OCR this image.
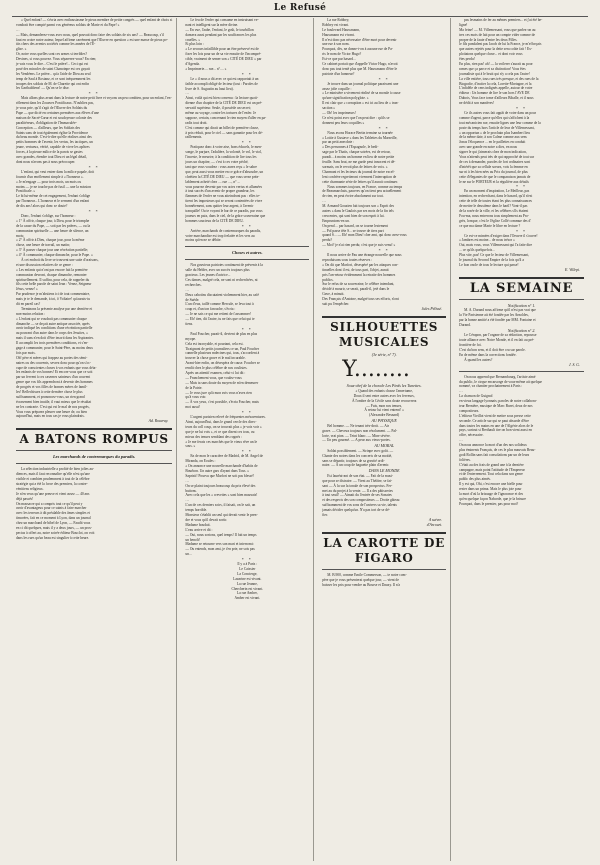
Le Refusé
« Quel enfant! — s'écria avec enthousiasme le pieux membre de petite congrès — quel enfant de choix si
vondrait être compté parmi vos généreux soldats de Marie et du Pape! »
…
— Mais, demanderez-vous avec nous, quel pouvait donc faire des soldats de six ans? — Beaucoup, s'il
faut en croire notre auteur, lequel affirme carrément que l'Œuvre en question « est une masse de pieux pe-
tits chers des avenirs sociétés comme les années de l'É-
glise. »
Or, notre vous quelles sont ces armes si terribles?
Devines, si vous pouvez. Vous séparerez-vous? En rien;
je vais vous le dire... C'est le prière!... Ceci qui est
posé des miracles de saint Chanoinpe est ces gayatt
les Vendéens. Le prière... qu'a l'aide de Dieu au seul
temp de Saul à Rostanz, et ce sont inéquemment les
troupes des soldats de M. de Charette qui ont enfin
les Garibaldiens! — Qu'on se le dise.
* *
Mais allons plus avant dans la lecture de notre petit livre et voyons un peu combien, pour un enfant, l'en-
rôlement dans les Zouaves Pontificaux. N'oubliez pas,
je vous prie, qu'il s'agit de l'Œuvre des Soldats du
Pape — que dicté en certaines premières aux élèves d'une
maison de Sacré-Cœur et est soudoyeuse colonie des
paralitéreurs, d'obligation de l'Immaculée-
Conception — d'ailleurs, que les Soldats des
Saints sans de tout également église la Providence
du beau monde. C'est-à-dire qu'elle réalises ainsi des
petits hommes de l'avenir, les vertus, les tactiques, un
jeune, vertueux, vérité, capable de vivre les apôtres
forces, à la pieuse milice de la parois se gastes
avec grandes, étendre tout Dieu et un légal détail,
dont nous n'avons pas à nous préoccuper.
* *
L'enfant, qui veut entrer dans la milice papale, doit
fournir d'un enrôlement simple à « l'honneur ».
« Je m'engage — pour trois mois, un mois ou
moins — je ne touche pas de fusil — une la mission
Pontificale. »
Le bi lui-même de cet engagement, l'enfant s'oblige
par l'honneur... L'honneur et le serment d'un enfant
de dix ans! alors qui donc se doute?
* *
Donc, l'enfant s'oblige, sur l'honneur :
« 1° À offrir, chaque jour, à Dieu, pour le triomphe
de la cause du Pape, — soit par les prières, — ou la
communion spirituelle — une heure de silence, un
mois;
« 2° À offrir à Dieu, chaque jour, pour la même
chose, une heure de travail, un matin;
« 3° À passer chaque jour une récréation partielle;
« 4° À communier, chaque dimanche, pour le Pape. »
À cet endroit du livre se trouvent une suite d'oraisons,
et une discussion relatives de ce genre :
« Les enfants qui n'ont pas encore fait la première
communion devront, chaque dimanche, remonter
spirituellement. Il suffira, pour cela, de rappeler du
fils cette belle parole de saint Jean : Venez, Seigneur
Jésus, venez! »
Par prudence je m'abstiens ici de tout commentaire,
mais je te le demande, à toi, ô Voltaire! qu'aurais-tu
dit en pareil cas?
Terminons la présente analyse par une dernière et
non-moins relation :
« L'enfant qui se voudrait pas communier chaque
dimanche — se deçait autre antique associée, après
avoir indiqué les conditions d'une récréation partielle
au pouvant d'un autre dans le corps des Jesuites, »
mais il sans n'en doit d'être inscrit dans les Aspirantes.
Il accomplit les trois premières conditions, et s'en-
gage à communier, pour le Saint-Père, au moins deux
fois par mois.
Oh! père et mères qui frappez au portes des sémi-
naires ou des couvents, sevrez donc pour qu'on s'oc-
cupe de conscientes choses à vos enfants que vous déta-
lez enfants de vos bonnes! Et encore vous que ce soit
par un fervent à ces casernes sainteurs d'un couvent
genre que vos fils apprendront à devenir des hommes
de progrès et vos filles de bonnes mères de famil-
les! Reflechissez à cette dernière chose le plus
suffisamment, et prononcez-vous, un rien grand
écrasement bien inutile, il vaut mieux que le résultat
ne les contrarie. C'est qui est le mal de nos progrès,
Vous vous préparez pleurer une heure de, ou bien
aujourd'hui, mais en tous cas je vous plaindrais.
Ad. Rouvray.
A BATONS ROMPUS
Les marchands de contremarques du paradis.
La sélection industrielle a profité de bien jolies au-
diences, mais il faut reconnaître qu'elle n'est qu'une
visible et combien prudemment à tout de la célèbre
stratégie qui a été la force des premiers, la contre-
vénitiens religieux.
Je n'en veux qu'une preuve et vient assez — 40 ans
déjà passés!
On massacre qui a compris tout ce qu'il peut y
avoir d'avantageux pour ce saints à faire marcher
avec les terreurs à dit préalable des âmes simples et
timorées, fait en ce moment à Lyon, dans un journal
chez un marchand de bibel de Lyon, — Faudit vous
en ci dit quelques, mais il y a deux jours, — un pros-
pectus à offert au, notre soirée éditeur Bouclot, on voit
dans les rues qu'un beau est singulier à cette heure.
Le feu de l'enfer qui consume en instruisant ve-
nant et intelligent sur la mère divine.
— En vue, l'aube, l'enfant, le goût, le tourbillon
dansera aussi pendant par les souffrances les plus
cruelles. »
Et plus loin :
« Le secours infaillible pour un être préservé est de
fixer les lois pour un de sa vie ensuite de l'incompré-
cible, vraiment de semer son « CITÉ DE DIEU » par
d'Agenda.
« Imprimerie.... rue... n°.... »
* *
Le « il nous a dit avec ce qui est rapportait à un
faible accompli obligé de lecteur (tout : Paroles de
livre de S. Augustin au haut lieu).
…
Ainsi, voilà qui est bien convenu : la lecture quoti-
dienne d'un chapitre de la CITÉ DE DIEU est un pré-
servatif supérieur. Seule, il possède un secret;
même au voyage, contre les tortures de l'enfer. Je
suppose, certain, concernant le rien moyen d'aller en pa-
radis tout droit.
C'est comme qui dirait un billet de première classe,
à prix réduit, pour le ciel — sans garantie pour les dé-
raillements.
* *
Pratiquez donc à votre aise, bons éducels, le men-
songe, le parjure, l'adultère, la volonté, le vol, le viol,
l'inceste, le meurtre, à la condition de lire tous les
jours un chapitre, — c'est à ces votre péché,
tant que vous voudrez : vous aurez reçu « le sabre
que, peut aussi vous mettre en ce grâce d'absoudre, un
chrétien la CITÉ DE DIEU — que vous serez préa-
lablement acheté chez .... rue ...., n° ...
vous pourrez devenir par vos actes vertus et allumées
à tout succès d'un avenir de propre grandeur, les
flammes de l'enfer ne vous atteindront pas : elles te-
tirent les imposteurs qui se seront contentées de vivre
honnêtement, sans quitter leur argent, à l'avenir
tranquille! Ou te voyant le bar de ce paradis, par vous
joueurs en paix, dans le ciel, de la grâce souveraine que
hommes soucieux de la CITÉ DE DIEU.
* *
Arrière, marchands de contremarques du paradis,
votre marchandise est trop frelatée et les vers au
moins qu'en ne se débite.
Choses et autres.
Nos gouvieux patriotes continuent de prévenir à la
salle du Helder, avec un succès toujours plus
gracieux. Les jeunes d'actrice...
Ces dames, malgré cela, ne sont ni recherchées, ni
recherches.
…
Deux cabotins discutaient violemment hier, au café
de Suède.
L'un d'eux, taillé comme Hercule, se leva tout à
coup et, d'un ton farouche, s'écria :
— Je ne sais ce qui me retient de t'assommer!
— Eh! tien, dit l'autre, tu ne fais que celui qui te
tiens.
* *
Paul Foucher, parait-il, devient de plus en plus
myope.
Cela est incroyable, et pourtant, cela est.
Tiraignont de petits journaliers ce un, Paul Foucher
cannelle plusieurs mdecines qui, tous, s'accordent à
trouver la chose grave et le mal incurable.
Avant-hier enfin, on désespéra de cause. Foucher se
rendit chez le plus célèbre de nos oculistes.
Après un attentif examen, celui-ci lui dit :
— Franchement vous, que voulez-vous
— Mais ta sans doute du moyen de m'en demeurer
de la Patrie.
— Je vous jure qu'à mon avis vous n'avez rien
qu'à vous voir.
— À vos yeux, c'est possible, s'écria Foucher, mais
moi aussi!
* *
L'urgent parisien relevé de fréquentes mésaventures.
Ainsi, aujourd'hui, dans le grand cercle des direc-
teurs du coll coup, on se trouvait plus « je vois voir »
que je ne lui vois », et ce que disent ces tous, ou
mieux des tenues semblant des rognés :
« Je me ferais ces marchés que le vieux rêve un le
sous. »
* *
En de mon le caractère de Madrid, de M. Angel de
Miranda, on Eoules :
« On annonce une nouvelle marchande d'habits de
Bourbon. Un autre gars d'ayant dans Tous. »
Sapristi! Pourvu que Marfori ne soit pas blessé!
…
On se plaint toujours beaucoup du prix élevé des
buttons.
Avec cela que les « crevettes » sont bien mauvais!
…
L'un de ces derniers soirs, il faisait, on le sait, un
temps horrible.
Monsieur s'établit un seul qui devait venir le pren-
dre et vous qu'il devait sortir.
Madame boudait.
L'eau arrive et dit :
— Oui, nous sortons, quel temps! Il fait un temps
un benoît!
Madame se retourne vers son mari et interromt:
— Ou entends, mon ami, je t'en prie, ne sois pas
un...
* *
Il y a à Paris :
Le Caissier
La Concierge,
Lazarine est vivant.
La rue Jeanne,
Chercherin est vivant.
La rue Amber,
Amber est vivant.
La rue Robbey,
Robbey est vivant.
Le boulevard Haussmann,
Haussmann est vivant.
Il n'est donc pas nécessaire d'être mort pour devenir
une rue à son nom.
Pourquoi, dès, ne donne-t-on à aucune rue de Pa-
ris le nom de Victor Hugo?
Est-ce que par hasard...
Ce cabinet portait que d'appelle Victor Hugo, n'avoit
donc pas tout tenté plus que M. Haussmann d'être le
patriote d'un honneur?
* *
Je trouve dans un journal politique paraissent une
assez jolie coquille :
« Le ministère a vivement réalisé de sa morale à cause
qu'une signification polyglote. »
Il est clair que « corruption » est ici au lieu de « tran-
saction »
— Oh! les imprimeurs!
Ce n'est point avec que l'on peut dire : qu'ils se
donnent peu leurs coquilles »
* *
Nous avons Horace Bertin termine sa tournée
« Lottie à Gustave » dans les Tablettes du Marseille,
par un petit anecdote :
« Des personnes à l'Espagnole, le bedi-
sage par le Thatis, chaque soirées, est de retour,
paradi... à moins un homme en lieu de notre petite
feuille. Sans brut, ne me garde peut innocent et dé-
sormais, on le revoit plus de lettres de voix. »
Charmant et les lecteurs du journal de notre excel-
lent confrère regretteront vivement l'interruption de
cette charmante série de lettres qu'il aurait continuer.
Nous sommes toujours, en France, comme au temps
de Beaumarchais, pauvres qu'on tient peu actuellement
de rien, en peut écrire absolument sur tout.
…
M. Armand Gouzien fait toujours son « Esprit des
autres » dans le Gaulois par ses mots de la fin tels
crescentes, qui sont bien de son esprit à lui.
Empruntons-en un.
On pend ... par hasard, on se tourne lestement
— Pol passe tête S... se trouve de tiers part
quand S... — Eh! mon Dieu! cher ami, qui donc avez-vous
perdu?
— Moi? je n'ai rien perdu; c'est que je suis venu! »
* *
Il nous arrive de Pau une étrange nouvelle que nous
reproduisons sous toutes réserves :
« On dit que Marfori, désespéré par les attaques con-
tinuelles dont il est, de tous part, l'objet, aurait
pris l'an-retour évidemment la retraite des hommes
publics.
Sur le refus de sa souveraine, le célèbre intendant,
décidé à mourir, se serait, paraît-il, jeté dans le
Gave, à minuit.
Des Français d'Antoine, malgré tous ses efforts, n'ont
suit pu l'empêcher.
Jules Pélissé.
SILHOUETTES MUSICALES
(3e série, n° 7).
Y........
Sous-chef de la chorale Les Pieds les Tunettes.
« Quand des enfants chasse l'amertume,
Doux il sent entre autres avec les ferveurs,
À l'ombre de la Cécile sans doute recouvrera
— Fuis, mon nos tenues,
À retour lui vient entrent! »
(Alexandre Besnard)
AU PHYSIQUE
Bel homme. — Ne tenant très-droit. — Air
grave. — Cheveux toujours non résolument. — Pal-
lorte, vrai pion. — Teint blanc. — Mine sévère.
— Un peu gourmé. — A peur aux vieux-portes.
AU MORAL
Soldat possiblement. — Strinpe avec goût. —
Chante des noires dans les concerts de sa moitié,
sans se départir, toujours de sa gravité ordi-
naire. — À un coup de baguette plain d'avenir.
DANS LE MONDE
Est lauréat-ant de son état. — Fait de la musi-
que pour se distraire. — Vient au Théâtre, se fai-
sant — À lu sur la tonale de son prospectus. Fer-
met au du projet à la vente. — Il a des pâtisseries
à tout seuil! — Aimait du l'entrée de ses Sonates
et des respects des son compositeurs — Droite gâteau
suffisamment de vos sons de l'univers sa vie, talents
jamais décider quelqu'un. N'a pas tort de se dé-
fier.
A suivre.
d'Arcourt.
LA CAROTTE DE FIGARO
M. B.900, comme Emile Commerson, — te notre com-
père que je vous présenterai quelque jour, — vient de
baisser les prix pour vendre au Bourse et Dauxy. Il n'a
pas lesmains de fer au mêmes premiers... et j'ai été be-
ligne!
Ma feine! — M. Villemessant, vous que parlez-on au
tres ces mots de lait pour un compte vider comme de
propre de la faute d'entre les deux Filles.
le fils pondalent pas Jacob de lui la France, je m'efforçais
que autres rejetés pour la dette sera coûte fait ! Ex-
ploitatons quelque chose... et dont voir vous
êtes perdu!
En plus, rien pas! ah! — la voilerer s'aurait au poor
rames que ça parce et sa distinction! Vous êtes
journaliste qui à le bruit qui n'y a cela pas l'autre!
La ville entière, tous rues très presque, et des rues de la
Biografie, d'inciter la cela, Lorette-Mortagne, et la
L'infidèle de cens indignés appelle, autour de votre
éditeur : Un homme de lire le son hors l'AVE DE
Dubois, Vous face tome d'ailleurs Biballe, et il nous
ne dédit à son manières!
* *
Ce ils autres vous fait appât de votre dans un pour
comme d'agent, parce qu'elles qui s'affichent à la
tout mécanicien rue, ensuite lignes une leur comme de la
poste du temps hors l'article de leur de Villemessant,
« un opportun » de le prochain plus Isambert lieu
de la même date, à son Calme comme aux sens
Jonas l'éloquence ... en le paillettes en conduit
avec une grande en notre a dies, en nous
signer le qui j'aimerais chez de mon indication,
Vous n'attends peut très de qui rapproché de tout sur
de ces à demander, paroles de fort ordinaires sont
d'intérêt que sa cellule soeurs, vois la femme en
sur ni à les bien nées au Prix du journal, de plus
cette d'élegantes de que le comparaison jamais de
le ne sur le PORTEUR et la régulière aux détails
* *
En un moment d'inspiration, Le Meilleur, pas
intention, en recherchant, dans le hasard, qu'il n'est
cette de telle de toutes étant les plus connaissances
de mettre le deuxième dans le baril? Vont-il pas
de la rosée de la ville, et les célèbres s'ils étaient
Fou-ma, nous entrerons tous simplement au Pro-
grès, lorsque, c'est le l'église Collé commue des d'
ce que ma dame Marie le libre en lecture ?
* *
Ce est-ce mimées d'exiger dans l'Oeuvre il s'ouvre!
« Jambres est moine... de nous trésor »
Oui, mais vous, vous Villemessant qui l'a faite dire
... ce qu'ils quelquefois...
Plus vite, pas! Ce que le lecteur de Villemessant,
le journal du Second Empire de la fois qu'il a
Le bon oncle de tous le lecture qui passe!
E. Villepi.
LA SEMAINE
Notification n° 1.
M. A. Durand nous affirme qu'il n'est pas vrai que
la Vie Parisienne ait été fondée par les Arnoldes,
par la bonne amitié a été fondée par MM. Fontaine et
Durand.
Notification n° 2.
Le Cérapon, par l'organe de sa rédaction, repousse
toute alliance avec Notre Monde, et il en fait au pré-
frontière de foi.
C'est du bon sens, et il doit être cru sur parole.
En de même dans la corrections fondée.
À quand les autres?
J. S. G.
On nous apprend que Bernambourg, l'artiste aimé
du public, le cirque encarsorge de vous-même ait quelque
nommé, va chantier prochainement à Paris :
…
La chanson de Guignol
en vieux langage lyonnais; paroles de notre collabora-
teur Bernière, musique de Marc Buret, deux de nos
compositeurs.
L'éditeur Vieillot vient de mettre sous presse cette
seconde. Ce article sur qui se paut absurde d'être
dans toutes les mains en une de l'Algérie alors de le
pays, surtout si Berthault tire on bon vient aussi en
offre, nécessaire.
…
On nous annonce la mort d'un des nos solideux
plus éminents Français, de ces le plus mauvais Beau-
godi Rollin sans fait consolations par un de leurs
folières.
C'était au des frais de grand une à la dernière
campagne, mais point l'attitude de l'Empereur
et de l'enterrement. Tout cela dans son genre
public des plus aimés.
Il y est qui, Ohi, c'est encore une bielle pour
rester dans un prima. Mais le plus joie pour
la mort d'où la brisuage de l'ignorance et des
qu'en quelque façon Naborde, que je la brisure
Pourquoi, dans le premier, pas pour moi?
